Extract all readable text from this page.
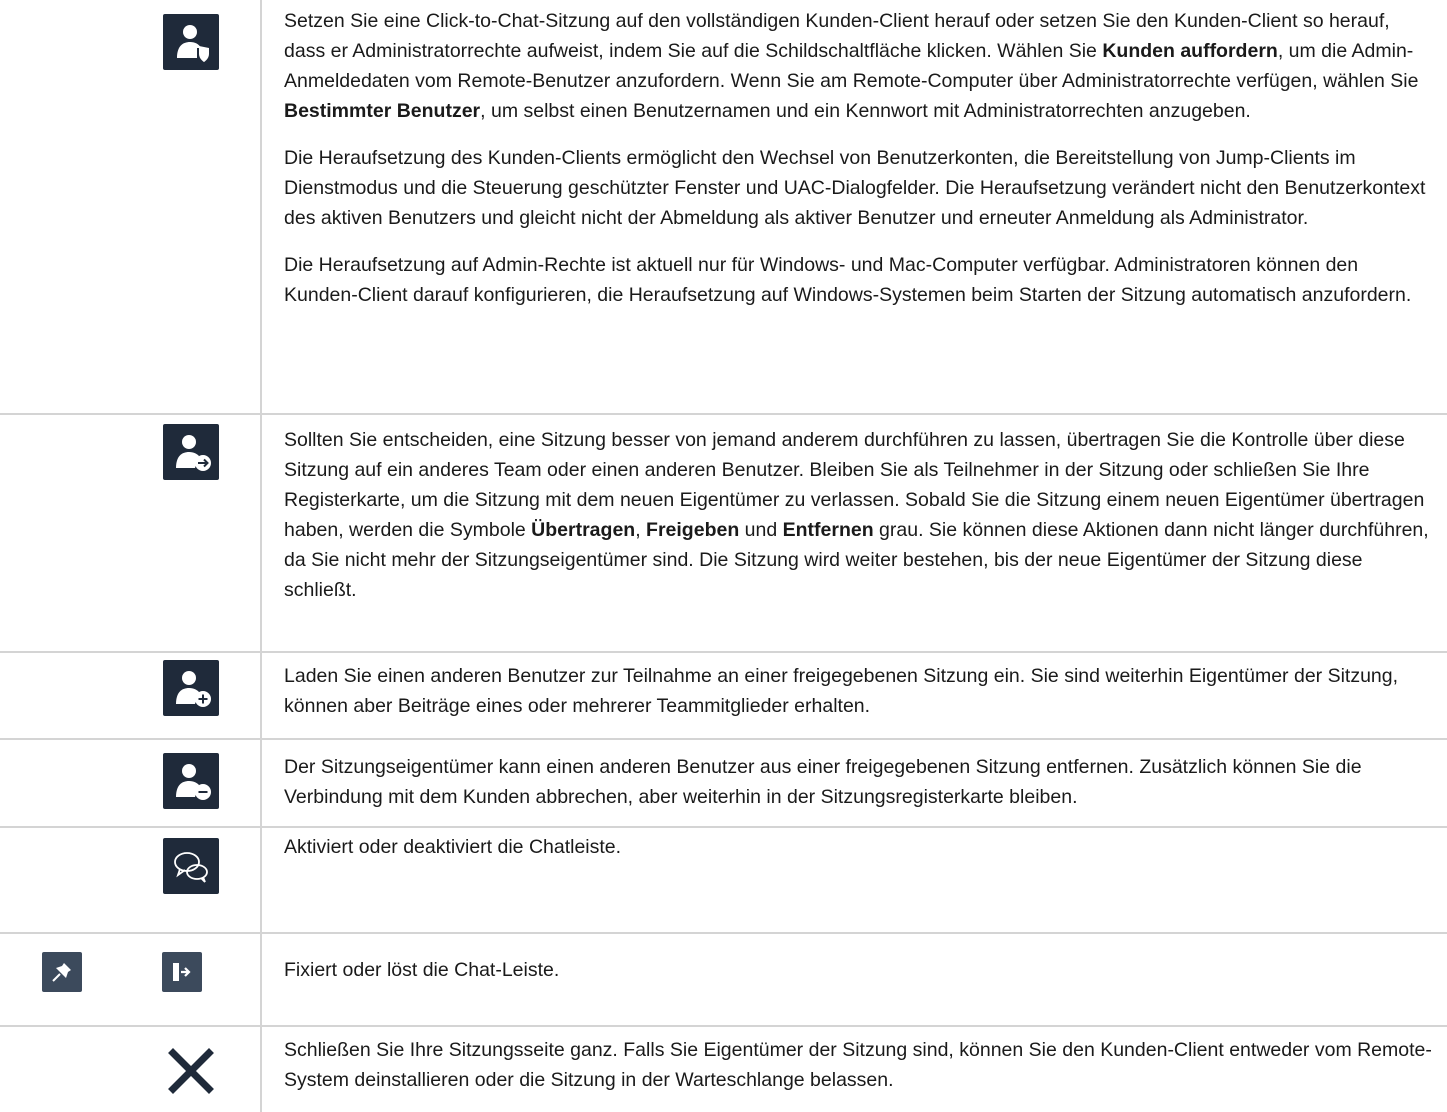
Setzen Sie eine Click-to-Chat-Sitzung auf den vollständigen Kunden-Client herauf oder setzen Sie den Kunden-Client so herauf, dass er Administratorrechte aufweist, indem Sie auf die Schildschaltfläche klicken. Wählen Sie Kunden auffordern, um die Admin-Anmeldedaten vom Remote-Benutzer anzufordern. Wenn Sie am Remote-Computer über Administratorrechte verfügen, wählen Sie Bestimmter Benutzer, um selbst einen Benutzernamen und ein Kennwort mit Administratorrechten anzugeben.

Die Heraufsetzung des Kunden-Clients ermöglicht den Wechsel von Benutzerkonten, die Bereitstellung von Jump-Clients im Dienstmodus und die Steuerung geschützter Fenster und UAC-Dialogfelder. Die Heraufsetzung verändert nicht den Benutzerkontext des aktiven Benutzers und gleicht nicht der Abmeldung als aktiver Benutzer und erneuter Anmeldung als Administrator.

Die Heraufsetzung auf Admin-Rechte ist aktuell nur für Windows- und Mac-Computer verfügbar. Administratoren können den Kunden-Client darauf konfigurieren, die Heraufsetzung auf Windows-Systemen beim Starten der Sitzung automatisch anzufordern.

Sollten Sie entscheiden, eine Sitzung besser von jemand anderem durchführen zu lassen, übertragen Sie die Kontrolle über diese Sitzung auf ein anderes Team oder einen anderen Benutzer. Bleiben Sie als Teilnehmer in der Sitzung oder schließen Sie Ihre Registerkarte, um die Sitzung mit dem neuen Eigentümer zu verlassen. Sobald Sie die Sitzung einem neuen Eigentümer übertragen haben, werden die Symbole Übertragen, Freigeben und Entfernen grau. Sie können diese Aktionen dann nicht länger durchführen, da Sie nicht mehr der Sitzungseigentümer sind. Die Sitzung wird weiter bestehen, bis der neue Eigentümer der Sitzung diese schließt.

Laden Sie einen anderen Benutzer zur Teilnahme an einer freigegebenen Sitzung ein. Sie sind weiterhin Eigentümer der Sitzung, können aber Beiträge eines oder mehrerer Teammitglieder erhalten.

Der Sitzungseigentümer kann einen anderen Benutzer aus einer freigegebenen Sitzung entfernen. Zusätzlich können Sie die Verbindung mit dem Kunden abbrechen, aber weiterhin in der Sitzungsregisterkarte bleiben.

Aktiviert oder deaktiviert die Chatleiste.

Fixiert oder löst die Chat-Leiste.

Schließen Sie Ihre Sitzungsseite ganz. Falls Sie Eigentümer der Sitzung sind, können Sie den Kunden-Client entweder vom Remote-System deinstallieren oder die Sitzung in der Warteschlange belassen.
